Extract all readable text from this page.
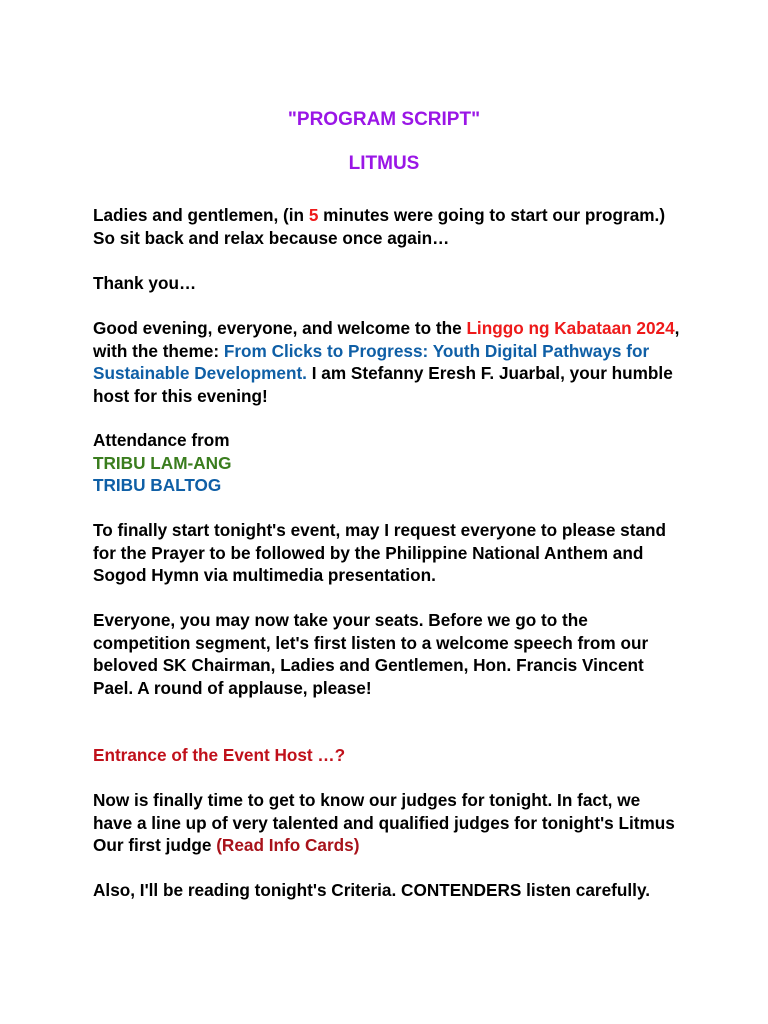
"PROGRAM SCRIPT"
LITMUS
Ladies and gentlemen, (in 5 minutes were going to start our program.) So sit back and relax because once again…
Thank you…
Good evening, everyone, and welcome to the Linggo ng Kabataan 2024, with the theme: From Clicks to Progress: Youth Digital Pathways for Sustainable Development. I am Stefanny Eresh F. Juarbal, your humble host for this evening!
Attendance from
TRIBU LAM-ANG
TRIBU BALTOG
To finally start tonight's event, may I request everyone to please stand for the Prayer to be followed by the Philippine National Anthem and Sogod Hymn via multimedia presentation.
Everyone, you may now take your seats. Before we go to the competition segment, let's first listen to a welcome speech from our beloved SK Chairman, Ladies and Gentlemen, Hon. Francis Vincent Pael. A round of applause, please!
Entrance of the Event Host …?
Now is finally time to get to know our judges for tonight. In fact, we have a line up of very talented and qualified judges for tonight's Litmus Our first judge (Read Info Cards)
Also, I'll be reading tonight's Criteria. CONTENDERS listen carefully.
